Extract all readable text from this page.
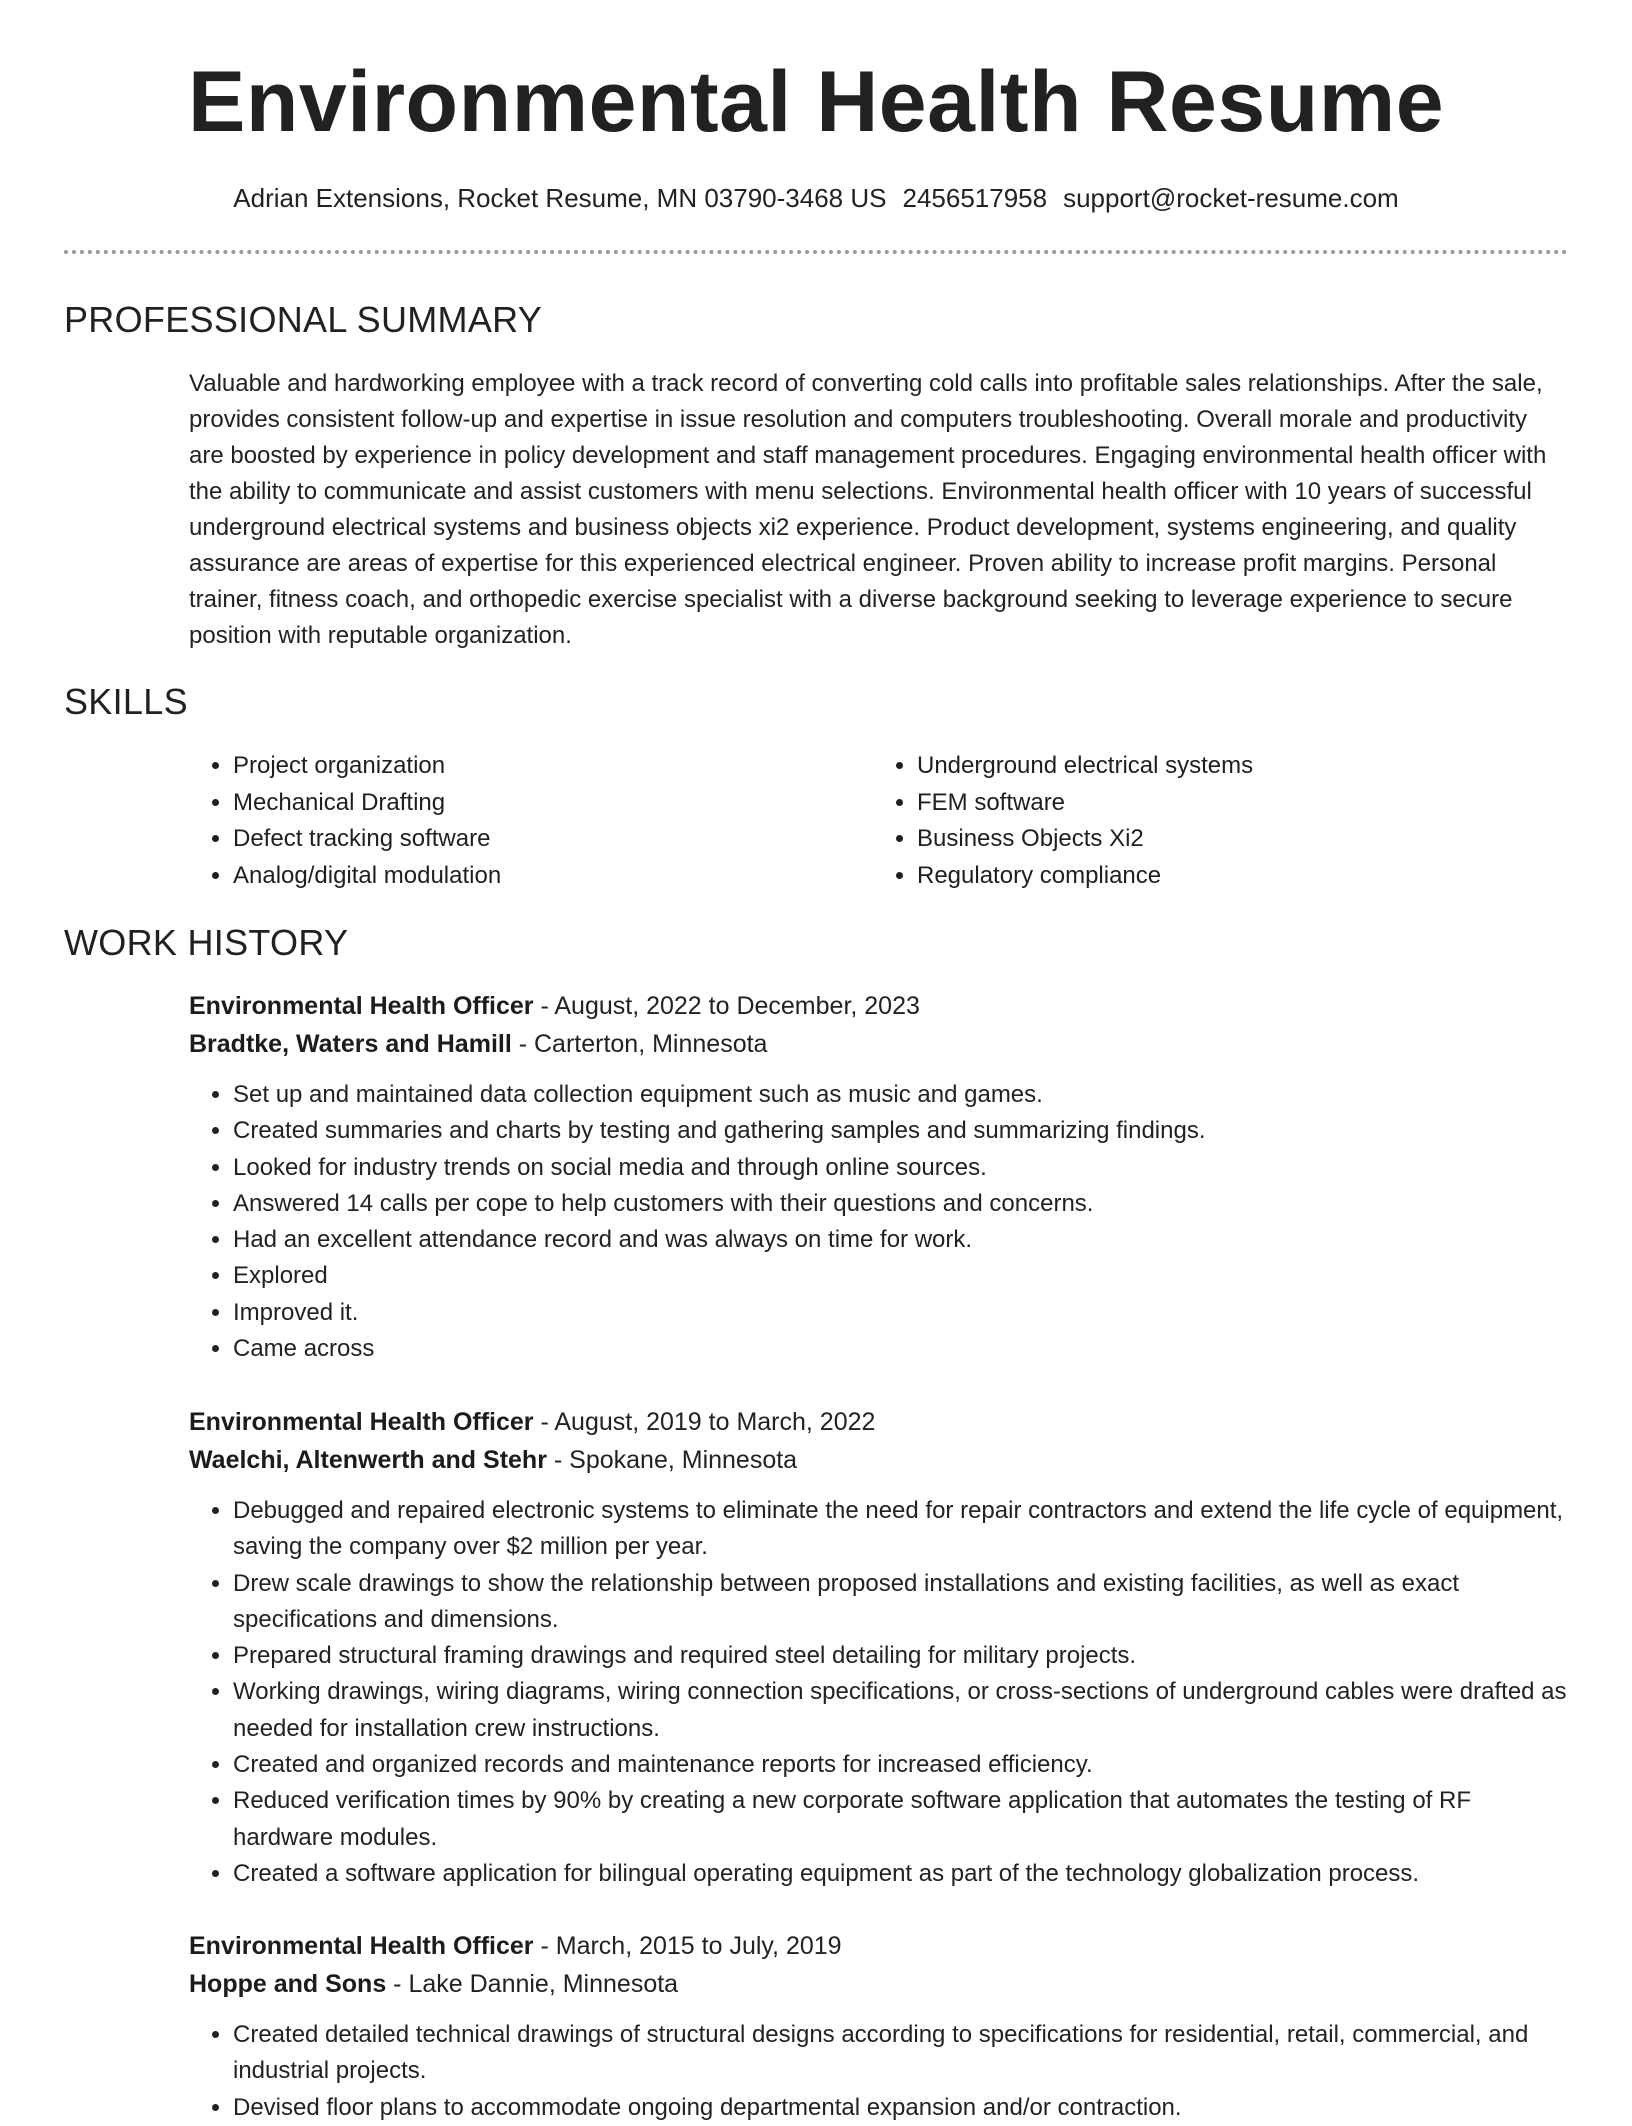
Environmental Health Resume
Adrian Extensions, Rocket Resume, MN 03790-3468 US 2456517958 support@rocket-resume.com
PROFESSIONAL SUMMARY

Valuable and hardworking employee with a track record of converting cold calls into profitable sales relationships. After the sale, provides consistent follow-up and expertise in issue resolution and computers troubleshooting. Overall morale and productivity are boosted by experience in policy development and staff management procedures. Engaging environmental health officer with the ability to communicate and assist customers with menu selections. Environmental health officer with 10 years of successful underground electrical systems and business objects xi2 experience. Product development, systems engineering, and quality assurance are areas of expertise for this experienced electrical engineer. Proven ability to increase profit margins. Personal trainer, fitness coach, and orthopedic exercise specialist with a diverse background seeking to leverage experience to secure position with reputable organization.

SKILLS
• Project organization
• Mechanical Drafting
• Defect tracking software
• Analog/digital modulation
• Underground electrical systems
• FEM software
• Business Objects Xi2
• Regulatory compliance
WORK HISTORY
Environmental Health Officer - August, 2022 to December, 2023
Bradtke, Waters and Hamill - Carterton, Minnesota
• Set up and maintained data collection equipment such as music and games.
• Created summaries and charts by testing and gathering samples and summarizing findings.
• Looked for industry trends on social media and through online sources.
• Answered 14 calls per cope to help customers with their questions and concerns.
• Had an excellent attendance record and was always on time for work.
• Explored
• Improved it.
• Came across
Environmental Health Officer - August, 2019 to March, 2022
Waelchi, Altenwerth and Stehr - Spokane, Minnesota
• Debugged and repaired electronic systems to eliminate the need for repair contractors and extend the life cycle of equipment, saving the company over $2 million per year.
• Drew scale drawings to show the relationship between proposed installations and existing facilities, as well as exact specifications and dimensions.
• Prepared structural framing drawings and required steel detailing for military projects.
• Working drawings, wiring diagrams, wiring connection specifications, or cross-sections of underground cables were drafted as needed for installation crew instructions.
• Created and organized records and maintenance reports for increased efficiency.
• Reduced verification times by 90% by creating a new corporate software application that automates the testing of RF hardware modules.
• Created a software application for bilingual operating equipment as part of the technology globalization process.
Environmental Health Officer - March, 2015 to July, 2019
Hoppe and Sons - Lake Dannie, Minnesota
• Created detailed technical drawings of structural designs according to specifications for residential, retail, commercial, and industrial projects.
• Devised floor plans to accommodate ongoing departmental expansion and/or contraction.
